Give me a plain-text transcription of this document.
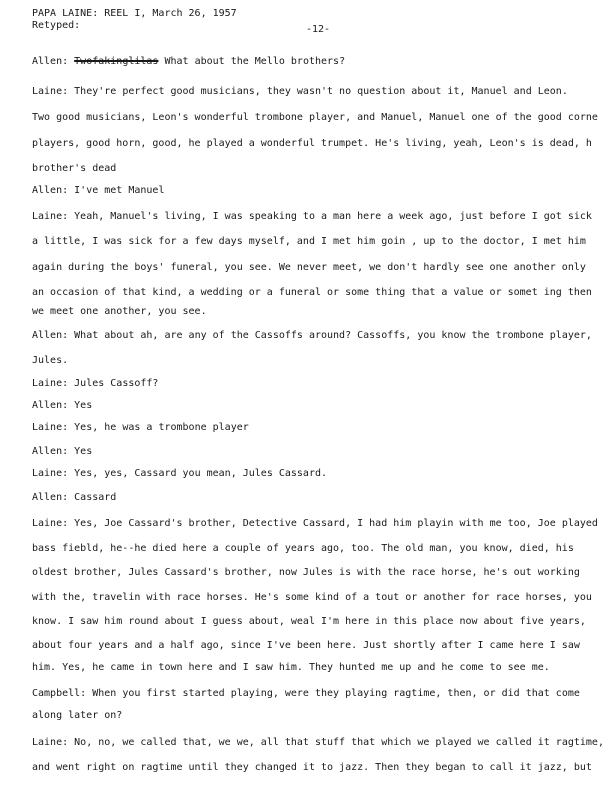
PAPA LAINE: REEL I, March 26, 1957
Retyped:	-12-
Allen: Twofakinglilas What about the Mello brothers?
Laine: They're perfect good musicians, they wasn't no question about it, Manuel and Leon.
Two good musicians, Leon's wonderful trombone player, and Manuel, Manuel one of the good corne
players, good horn, good, he played a wonderful trumpet. He's living, yeah, Leon's is dead, h
brother's dead
Allen: I've met Manuel
Laine: Yeah, Manuel's living, I was speaking to a man here a week ago, just before I got sick
a little, I was sick for a few days myself, and I met him goin , up to the doctor, I met him
again during the boys' funeral, you see. We never meet, we don't hardly see one another only
an occasion of that kind, a wedding or a funeral or some thing that a value or somet ing then
we meet one another, you see.
Allen: What about ah, are any of the Cassoffs around? Cassoffs, you know the trombone player,
Jules.
Laine: Jules Cassoff?
Allen: Yes
Laine: Yes, he was a trombone player
Allen: Yes
Laine: Yes, yes, Cassard you mean, Jules Cassard.
Allen: Cassard
Laine: Yes, Joe Cassard's brother, Detective Cassard, I had him playin with me too, Joe played
bass fiebld, he--he died here a couple of years ago, too. The old man, you know, died, his
oldest brother, Jules Cassard's brother, now Jules is with the race horse, he's out working
with the, travelin with race horses. He's some kind of a tout or another for race horses, you
know. I saw him round about I guess about, weal I'm here in this place now about five years,
about four years and a half ago, since I've been here. Just shortly after I came here I saw
him. Yes, he came in town here and I saw him. They hunted me up and he come to see me.
Campbell: When you first started playing, were they playing ragtime, then, or did that come
along later on?
Laine: No, no, we called that, we we, all that stuff that which we played we called it ragtime,
and went right on ragtime until they changed it to jazz. Then they began to call it jazz, but
